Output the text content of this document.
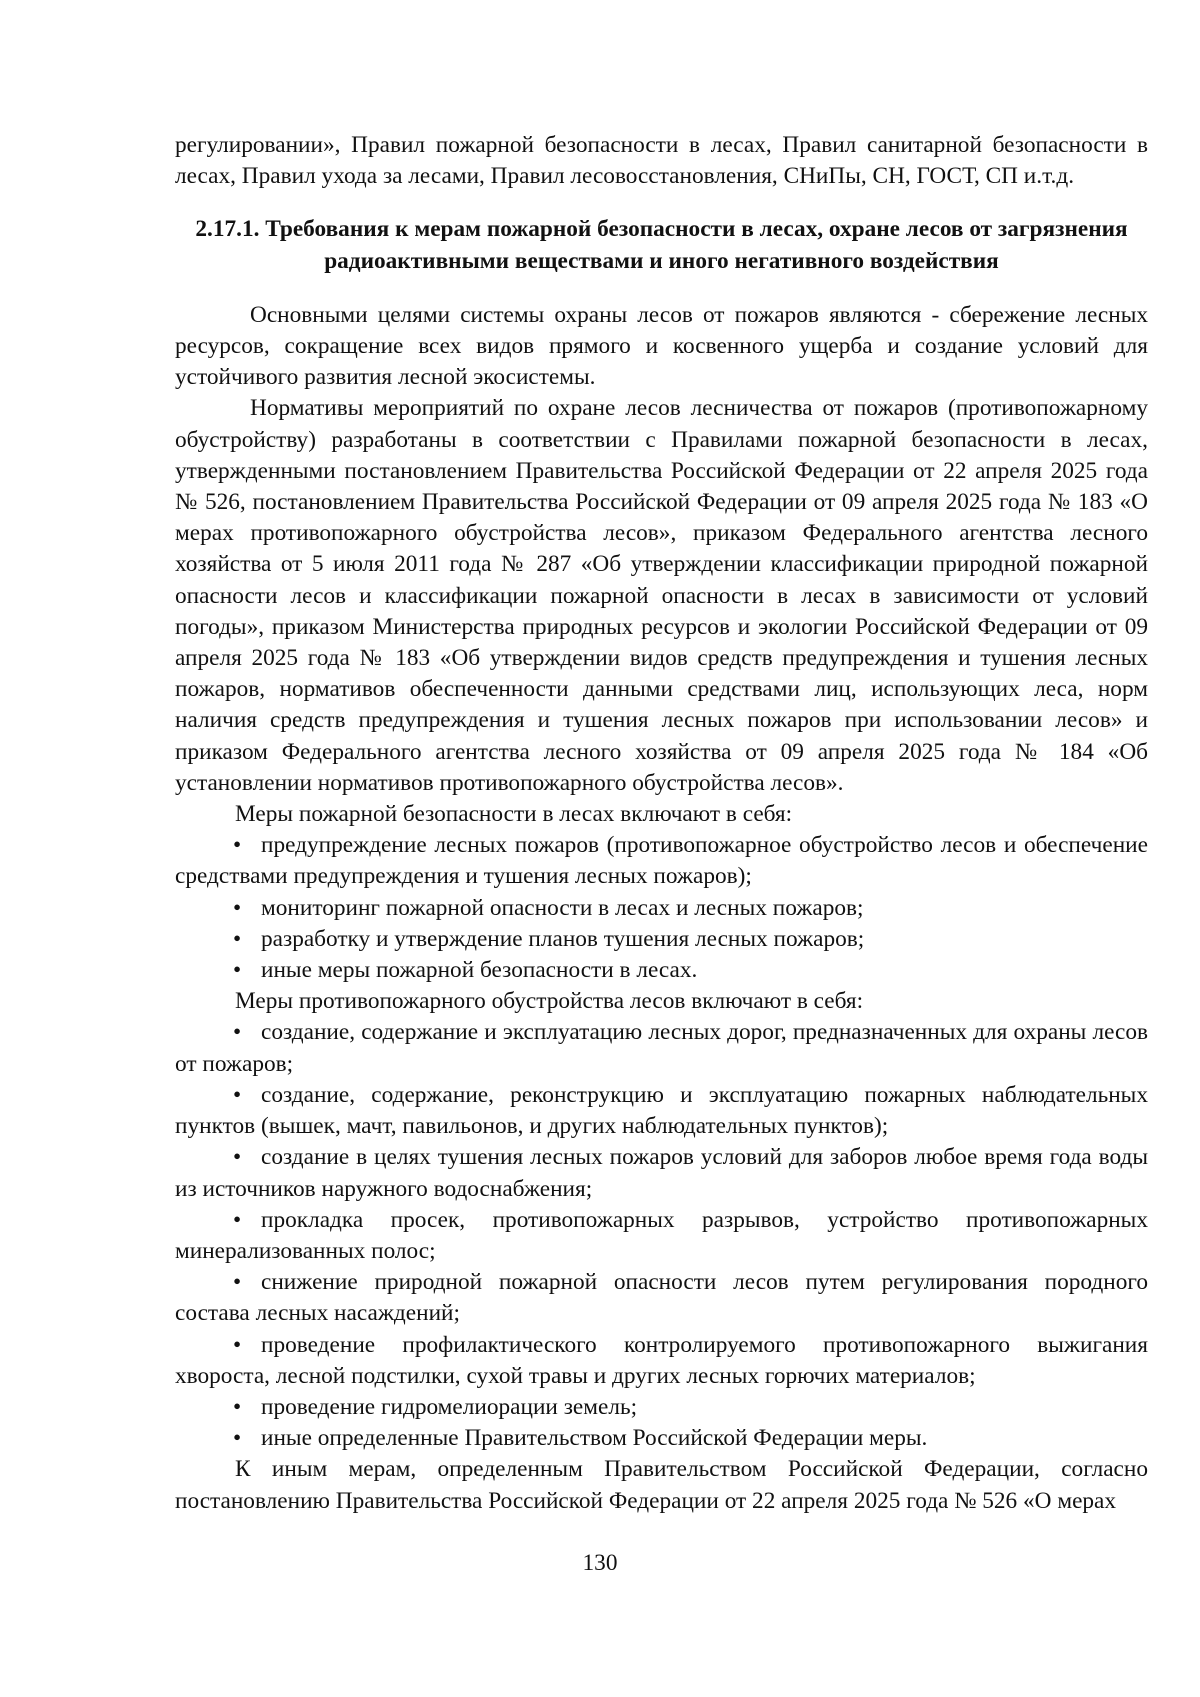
регулировании», Правил пожарной безопасности в лесах, Правил санитарной безопасности в лесах, Правил ухода за лесами, Правил лесовосстановления, СНиПы, СН, ГОСТ, СП и.т.д.

2.17.1. Требования к мерам пожарной безопасности в лесах, охране лесов от загрязнения радиоактивными веществами и иного негативного воздействия

Основными целями системы охраны лесов от пожаров являются - сбережение лесных ресурсов, сокращение всех видов прямого и косвенного ущерба и создание условий для устойчивого развития лесной экосистемы.

Нормативы мероприятий по охране лесов лесничества от пожаров (противопожарному обустройству) разработаны в соответствии с Правилами пожарной безопасности в лесах, утвержденными постановлением Правительства Российской Федерации от 22 апреля 2025 года № 526, постановлением Правительства Российской Федерации от 09 апреля 2025 года № 183 «О мерах противопожарного обустройства лесов», приказом Федерального агентства лесного хозяйства от 5 июля 2011 года № 287 «Об утверждении классификации природной пожарной опасности лесов и классификации пожарной опасности в лесах в зависимости от условий погоды», приказом Министерства природных ресурсов и экологии Российской Федерации от 09 апреля 2025 года № 183 «Об утверждении видов средств предупреждения и тушения лесных пожаров, нормативов обеспеченности данными средствами лиц, использующих леса, норм наличия средств предупреждения и тушения лесных пожаров при использовании лесов» и приказом Федерального агентства лесного хозяйства от 09 апреля 2025 года № 184 «Об установлении нормативов противопожарного обустройства лесов».

Меры пожарной безопасности в лесах включают в себя:

• предупреждение лесных пожаров (противопожарное обустройство лесов и обеспечение средствами предупреждения и тушения лесных пожаров);

• мониторинг пожарной опасности в лесах и лесных пожаров;

• разработку и утверждение планов тушения лесных пожаров;

• иные меры пожарной безопасности в лесах.

Меры противопожарного обустройства лесов включают в себя:

• создание, содержание и эксплуатацию лесных дорог, предназначенных для охраны лесов от пожаров;

• создание, содержание, реконструкцию и эксплуатацию пожарных наблюдательных пунктов (вышек, мачт, павильонов, и других наблюдательных пунктов);

• создание в целях тушения лесных пожаров условий для заборов любое время года воды из источников наружного водоснабжения;

• прокладка просек, противопожарных разрывов, устройство противопожарных минерализованных полос;

• снижение природной пожарной опасности лесов путем регулирования породного состава лесных насаждений;

• проведение профилактического контролируемого противопожарного выжигания хвороста, лесной подстилки, сухой травы и других лесных горючих материалов;

• проведение гидромелиорации земель;

• иные определенные Правительством Российской Федерации меры.

К иным мерам, определенным Правительством Российской Федерации, согласно постановлению Правительства Российской Федерации от 22 апреля 2025 года № 526 «О мерах

130
